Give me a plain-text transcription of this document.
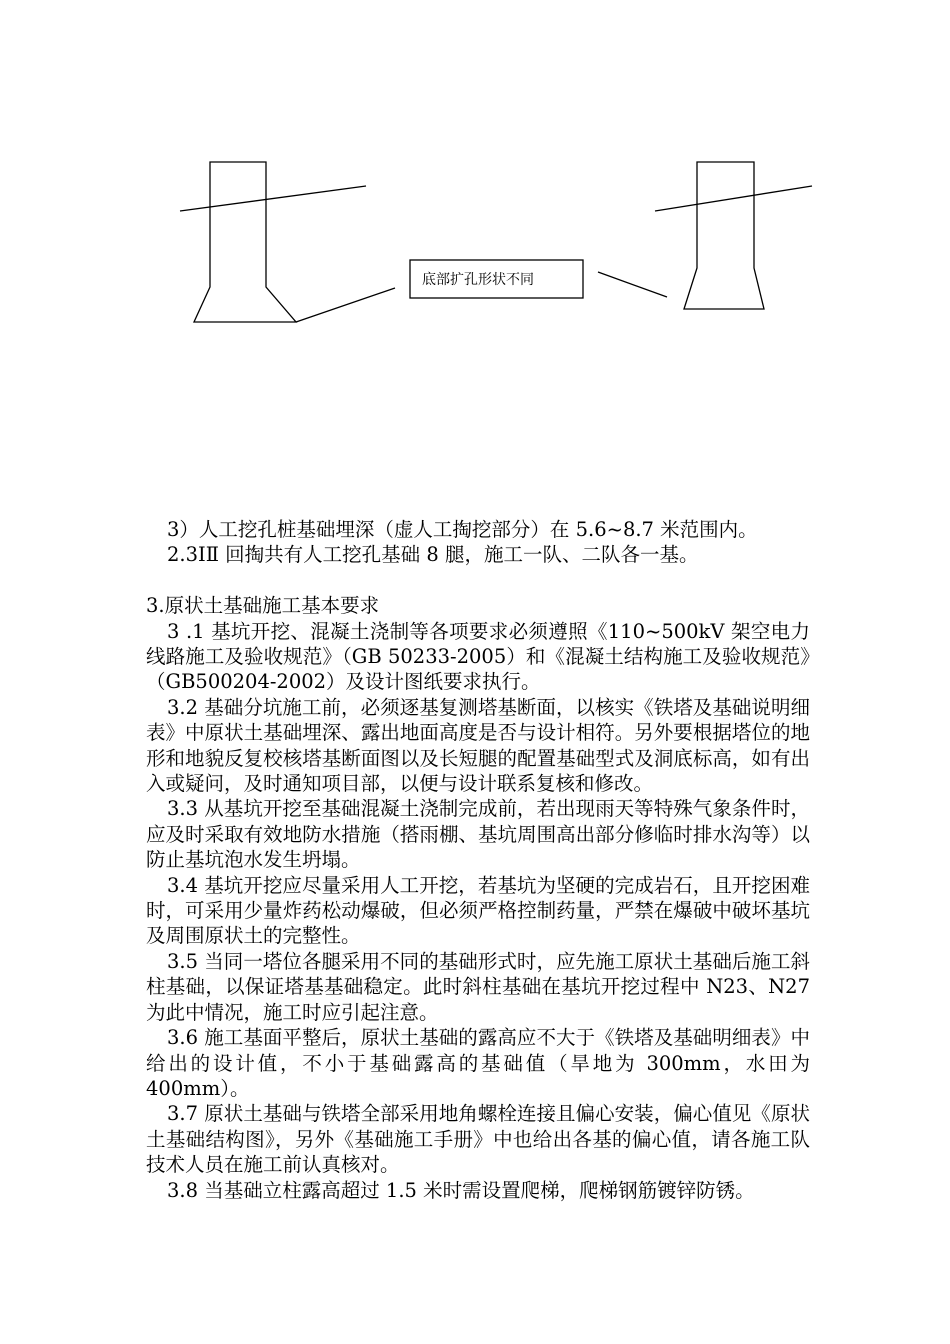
底部扩孔形状不同

3）人工挖孔桩基础埋深（虚人工掏挖部分）在 5.6~8.7 米范围内。

2.3ⅠⅡ 回掏共有人工挖孔基础 8 腿，施工一队、二队各一基。

3.原状土基础施工基本要求

3 .1 基坑开挖、混凝土浇制等各项要求必须遵照《110~500kV 架空电力线路施工及验收规范》（GB 50233-2005）和《混凝土结构施工及验收规范》（GB500204-2002）及设计图纸要求执行。

3.2 基础分坑施工前，必须逐基复测塔基断面，以核实《铁塔及基础说明细表》中原状土基础埋深、露出地面高度是否与设计相符。另外要根据塔位的地形和地貌反复校核塔基断面图以及长短腿的配置基础型式及洞底标高，如有出入或疑问，及时通知项目部，以便与设计联系复核和修改。

3.3 从基坑开挖至基础混凝土浇制完成前，若出现雨天等特殊气象条件时，应及时采取有效地防水措施（搭雨棚、基坑周围高出部分修临时排水沟等）以防止基坑泡水发生坍塌。

3.4 基坑开挖应尽量采用人工开挖，若基坑为坚硬的完成岩石，且开挖困难时，可采用少量炸药松动爆破，但必须严格控制药量，严禁在爆破中破坏基坑及周围原状土的完整性。

3.5 当同一塔位各腿采用不同的基础形式时，应先施工原状土基础后施工斜柱基础，以保证塔基基础稳定。此时斜柱基础在基坑开挖过程中 N23、N27 为此中情况，施工时应引起注意。

3.6 施工基面平整后，原状土基础的露高应不大于《铁塔及基础明细表》中给出的设计值，不小于基础露高的基础值（旱地为 300mm，水田为 400mm）。

3.7 原状土基础与铁塔全部采用地角螺栓连接且偏心安装，偏心值见《原状土基础结构图》，另外《基础施工手册》中也给出各基的偏心值，请各施工队技术人员在施工前认真核对。

3.8 当基础立柱露高超过 1.5 米时需设置爬梯，爬梯钢筋镀锌防锈。
